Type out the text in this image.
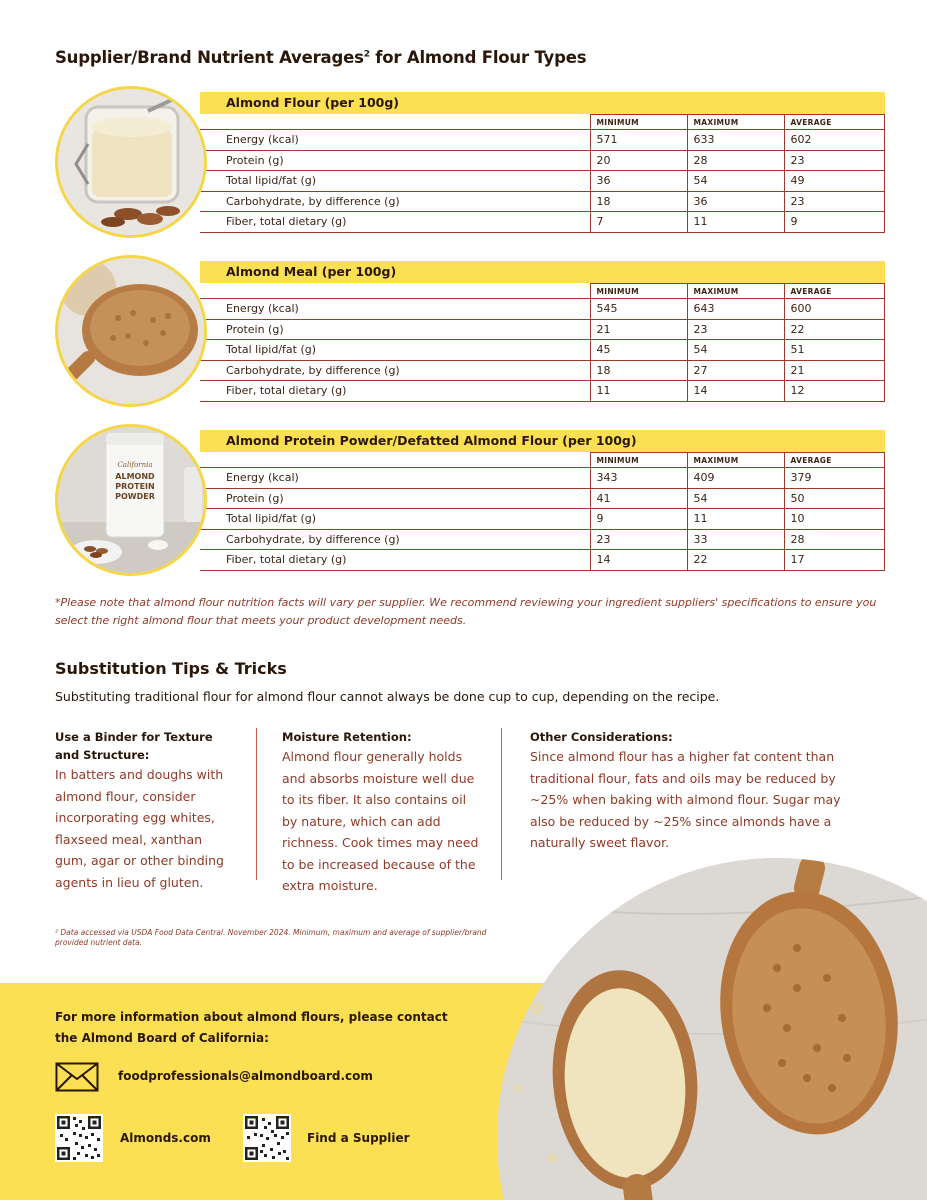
Supplier/Brand Nutrient Averages$^2$ for Almond Flour Types
Almond Flour (per 100g)
	MINIMUM	MAXIMUM	AVERAGE
Energy (kcal)	571	633	602
Protein (g)	20	28	23
Total lipid/fat (g)	36	54	49
Carbohydrate, by difference (g)	18	36	23
Fiber, total dietary (g)	7	11	9
Almond Meal (per 100g)
	MINIMUM	MAXIMUM	AVERAGE
Energy (kcal)	545	643	600
Protein (g)	21	23	22
Total lipid/fat (g)	45	54	51
Carbohydrate, by difference (g)	18	27	21
Fiber, total dietary (g)	11	14	12
Almond Protein Powder/Defatted Almond Flour (per 100g)
	MINIMUM	MAXIMUM	AVERAGE
Energy (kcal)	343	409	379
Protein (g)	41	54	50
Total lipid/fat (g)	9	11	10
Carbohydrate, by difference (g)	23	33	28
Fiber, total dietary (g)	14	22	17
California
ALMOND
PROTEIN
POWDER
*Please note that almond flour nutrition facts will vary per supplier. We recommend reviewing your ingredient suppliers' specifications to ensure you select the right almond flour that meets your product development needs.
Substitution Tips & Tricks
Substituting traditional flour for almond flour cannot always be done cup to cup, depending on the recipe.
Use a Binder for Texture and Structure:
In batters and doughs with almond flour, consider incorporating egg whites, flaxseed meal, xanthan gum, agar or other binding agents in lieu of gluten.
Moisture Retention:
Almond flour generally holds and absorbs moisture well due to its fiber. It also contains oil by nature, which can add richness. Cook times may need to be increased because of the extra moisture.
Other Considerations:
Since almond flour has a higher fat content than traditional flour, fats and oils may be reduced by ~25% when baking with almond flour. Sugar may also be reduced by ~25% since almonds have a naturally sweet flavor.
² Data accessed via USDA Food Data Central. November 2024. Minimum, maximum and average of supplier/brand provided nutrient data.
For more information about almond flours, please contact the Almond Board of California:
foodprofessionals@almondboard.com
Almonds.com	Find a Supplier
